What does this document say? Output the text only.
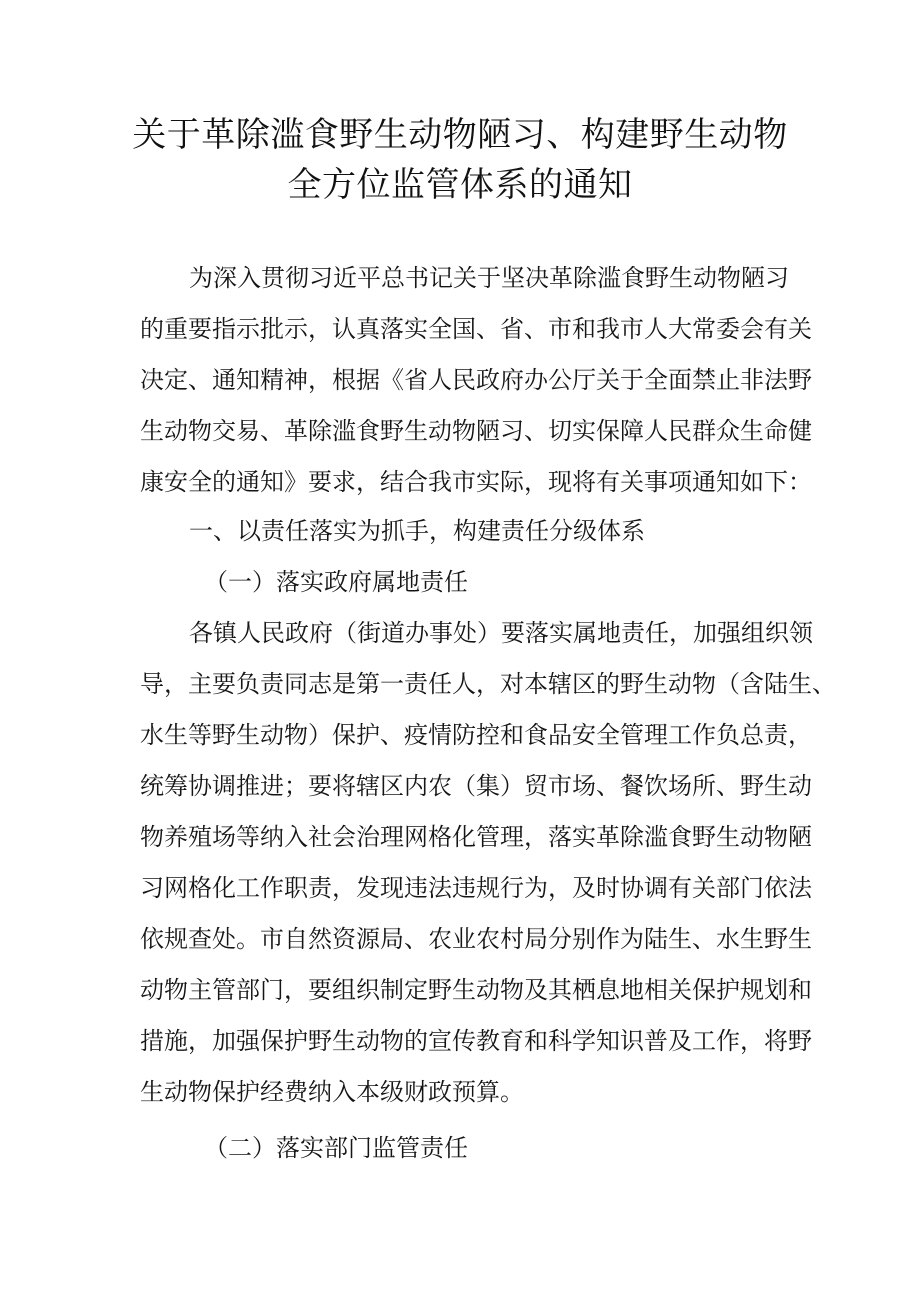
关于革除滥食野生动物陋习、构建野生动物
全方位监管体系的通知
为深入贯彻习近平总书记关于坚决革除滥食野生动物陋习
的重要指示批示，认真落实全国、省、市和我市人大常委会有关
决定、通知精神，根据《省人民政府办公厅关于全面禁止非法野
生动物交易、革除滥食野生动物陋习、切实保障人民群众生命健
康安全的通知》要求，结合我市实际，现将有关事项通知如下：
一、以责任落实为抓手，构建责任分级体系
（一）落实政府属地责任
各镇人民政府（街道办事处）要落实属地责任，加强组织领
导，主要负责同志是第一责任人，对本辖区的野生动物（含陆生、
水生等野生动物）保护、疫情防控和食品安全管理工作负总责，
统筹协调推进；要将辖区内农（集）贸市场、餐饮场所、野生动
物养殖场等纳入社会治理网格化管理，落实革除滥食野生动物陋
习网格化工作职责，发现违法违规行为，及时协调有关部门依法
依规查处。市自然资源局、农业农村局分别作为陆生、水生野生
动物主管部门，要组织制定野生动物及其栖息地相关保护规划和
措施，加强保护野生动物的宣传教育和科学知识普及工作，将野
生动物保护经费纳入本级财政预算。
（二）落实部门监管责任
